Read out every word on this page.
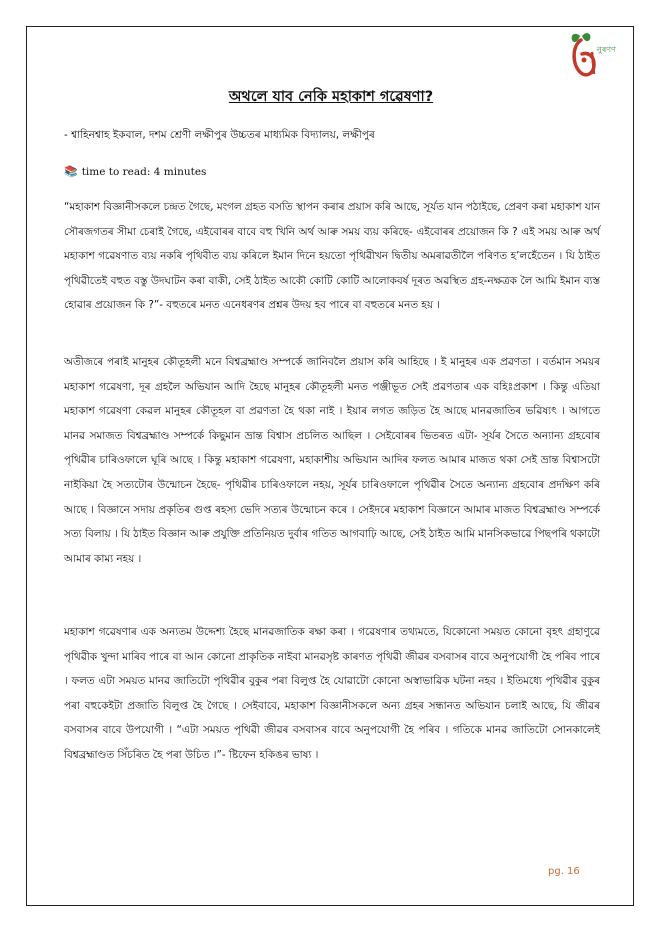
নুৰণণ
অথলে যাব নেকি মহাকাশ গৱেষণা?
- শ্বাহিনশ্বাহ ইকবাল, দশম শ্ৰেণী লক্ষীপুৰ উচ্চতৰ মাধ্যমিক বিদ্যালয়, লক্ষীপুৰ
📚 time to read: 4 minutes

“মহাকাশ বিজ্ঞানীসকলে চন্দ্ৰত গৈছে, মংগল গ্ৰহত বসতি স্থাপন কৰাৰ প্ৰয়াস কৰি আছে, সূৰ্যত যান পঠাইছে, প্ৰেৰণ কৰা মহাকাশ যান সৌৰজগতৰ সীমা চেৰাই গৈছে, এইবোৰৰ বাবে বহু খিনি অৰ্থ আৰু সময় ব্যয় কৰিছে- এইবোৰৰ প্ৰয়োজন কি ? এই সময় আৰু অৰ্থ মহাকাশ গৱেষণাত ব্যয় নকৰি পৃথিবীত ব্যয় কৰিলে ইমান দিনে হয়তো পৃথিৱীখন দ্বিতীয় অমৰাৱতীলৈ পৰিণত হ’লহেঁতেন । যি ঠাইত পৃথিৱীতেই বহুত বস্তু উদঘাটন কৰা বাকী, সেই ঠাইত আকৌ কোটি কোটি আলোকবৰ্ষ দূৰত অৱস্থিত গ্ৰহ-নক্ষত্ৰক লৈ আমি ইমান ব্যস্ত হোৱাৰ প্ৰয়োজন কি ?”- বহুতৰে মনত এনেধৰণৰ প্ৰশ্নৰ উদয় হব পাৰে বা বহুতৰে মনত হয় ।

অতীজৰে পৰাই মানুহৰ কৌতূহলী মনে বিশ্বব্ৰহ্মাণ্ড সম্পৰ্কে জানিবলৈ প্ৰয়াস কৰি আহিছে । ই মানুহৰ এক প্ৰৱণতা । বৰ্তমান সময়ৰ মহাকাশ গৱেষণা, দূৰ গ্ৰহলৈ অভিযান আদি হৈছে মানুহৰ কৌতূহলী মনত পঞ্জীভূত সেই প্ৰৱণতাৰ এক বহিঃপ্ৰকাশ । কিন্তু এতিয়া মহাকাশ গৱেষণা কেৱল মানুহৰ কৌতূহল বা প্ৰৱণতা হৈ থকা নাই । ইয়াৰ লগত জড়িত হৈ আছে মানৱজাতিৰ ভৱিষ্যৎ । আগতে মানৱ সমাজত বিশ্বব্ৰহ্মাণ্ড সম্পৰ্কে কিছুমান ভ্ৰান্ত বিশ্বাস প্ৰচলিত আছিল । সেইবোৰৰ ভিতৰত এটা- সূৰ্যৰ সৈতে অন্যান্য গ্ৰহবোৰ পৃথিৱীৰ চাৰিওফালে ঘূৰি আছে । কিন্তু মহাকাশ গৱেষণা, মহাকাশীয় অভিযান আদিৰ ফলত আমাৰ মাজত থকা সেই ভ্ৰান্ত বিশ্বাসটো নাইকিয়া হৈ সত্যটোৰ উন্মোচন হৈছে- পৃথিৱীৰ চাৰিওফালে নহয়, সূৰ্যৰ চাৰিওফালে পৃথিৱীৰ সৈতে অন্যান্য গ্ৰহবোৰ প্ৰদক্ষিণ কৰি আছে । বিজ্ঞানে সদায় প্ৰকৃতিৰ গুপ্ত ৰহস্য ভেদি সত্যৰ উন্মোচন কৰে । সেইদৰে মহাকাশ বিজ্ঞানে আমাৰ মাজত বিশ্বব্ৰহ্মাণ্ড সম্পৰ্কে সত্য বিলায় । যি ঠাইত বিজ্ঞান আৰু প্ৰযুক্তি প্ৰতিনিয়ত দুৰ্বাৰ গতিত আগবাঢ়ি আছে, সেই ঠাইত আমি মানসিকভাৱে পিছপৰি থকাটো আমাৰ কাম্য নহয় ।

মহাকাশ গৱেষণাৰ এক অন্যতম উদ্দেশ্য হৈছে মানৱজাতিক ৰক্ষা কৰা । গৱেষণাৰ তথ্যমতে, যিকোনো সময়ত কোনো বৃহৎ গ্ৰহাণুৱে পৃথিৱীক খুন্দা মাৰিব পাৰে বা আন কোনো প্ৰাকৃতিক নাইবা মানৱসৃষ্ট কাৰণত পৃথিৱী জীৱৰ বসবাসৰ বাবে অনুপযোগী হৈ পৰিব পাৰে । ফলত এটা সময়ত মানৱ জাতিটো পৃথিৱীৰ বুকুৰ পৰা বিলুপ্ত হৈ যোৱাটো কোনো অস্বাভাৱিক ঘটনা নহব । ইতিমধ্যে পৃথিৱীৰ বুকুৰ পৰা বহুকেইটা প্ৰজাতি বিলুপ্ত হৈ গৈছে । সেইবাবে, মহাকাশ বিজ্ঞানীসকলে অন্য গ্ৰহৰ সন্ধানত অভিযান চলাই আছে, যি জীৱৰ বসবাসৰ বাবে উপযোগী । “এটা সময়ত পৃথিৱী জীৱৰ বসবাসৰ বাবে অনুপযোগী হৈ পৰিব । গতিকে মানৱ জাতিটো সোনকালেই বিশ্বব্ৰহ্মাণ্ডত সিঁচৰিত হৈ পৰা উচিত ।”- ষ্টিফেন হকিঙৰ ভাষ্য ।

pg. 16
